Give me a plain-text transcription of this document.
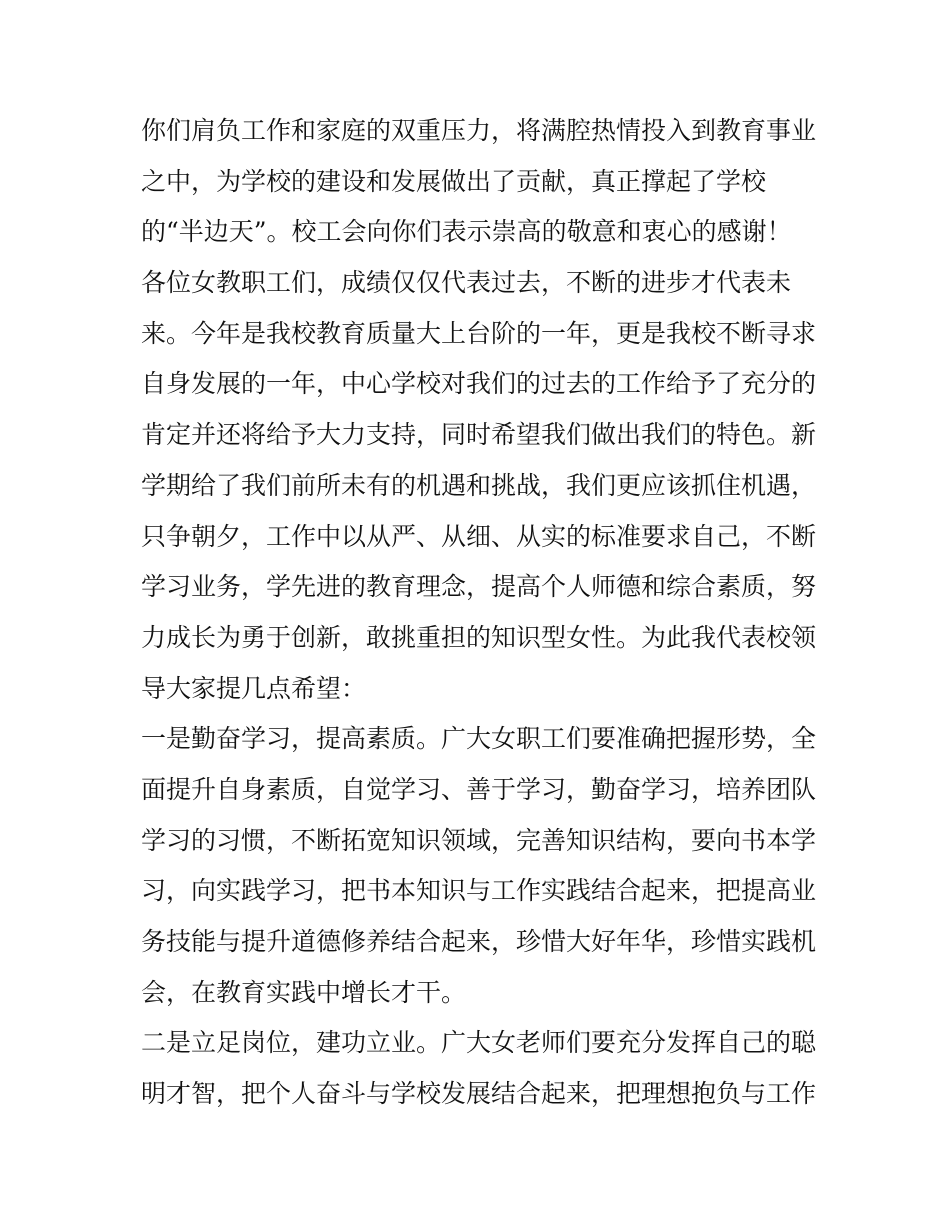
你们肩负工作和家庭的双重压力，将满腔热情投入到教育事业
之中，为学校的建设和发展做出了贡献，真正撑起了学校
的“半边天”。校工会向你们表示崇高的敬意和衷心的感谢！
各位女教职工们，成绩仅仅代表过去，不断的进步才代表未
来。今年是我校教育质量大上台阶的一年，更是我校不断寻求
自身发展的一年，中心学校对我们的过去的工作给予了充分的
肯定并还将给予大力支持，同时希望我们做出我们的特色。新
学期给了我们前所未有的机遇和挑战，我们更应该抓住机遇，
只争朝夕，工作中以从严、从细、从实的标准要求自己，不断
学习业务，学先进的教育理念，提高个人师德和综合素质，努
力成长为勇于创新，敢挑重担的知识型女性。为此我代表校领
导大家提几点希望：
一是勤奋学习，提高素质。广大女职工们要准确把握形势，全
面提升自身素质，自觉学习、善于学习，勤奋学习，培养团队
学习的习惯，不断拓宽知识领域，完善知识结构，要向书本学
习，向实践学习，把书本知识与工作实践结合起来，把提高业
务技能与提升道德修养结合起来，珍惜大好年华，珍惜实践机
会，在教育实践中增长才干。
二是立足岗位，建功立业。广大女老师们要充分发挥自己的聪
明才智，把个人奋斗与学校发展结合起来，把理想抱负与工作
